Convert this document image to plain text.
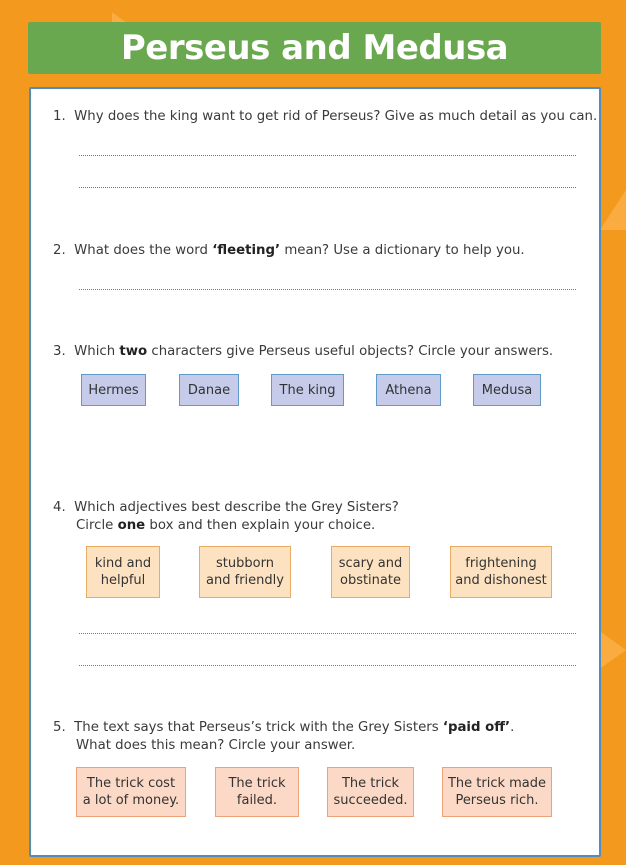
Perseus and Medusa
1. Why does the king want to get rid of Perseus? Give as much detail as you can.
2. What does the word ‘fleeting’ mean? Use a dictionary to help you.
3. Which two characters give Perseus useful objects? Circle your answers.
Hermes	Danae	The king	Athena	Medusa
4. Which adjectives best describe the Grey Sisters?
Circle one box and then explain your choice.
kind and
helpful
stubborn
and friendly
scary and
obstinate
frightening
and dishonest
5. The text says that Perseus’s trick with the Grey Sisters ‘paid off’.
What does this mean? Circle your answer.
The trick cost
a lot of money.
The trick
failed.
The trick
succeeded.
The trick made
Perseus rich.
